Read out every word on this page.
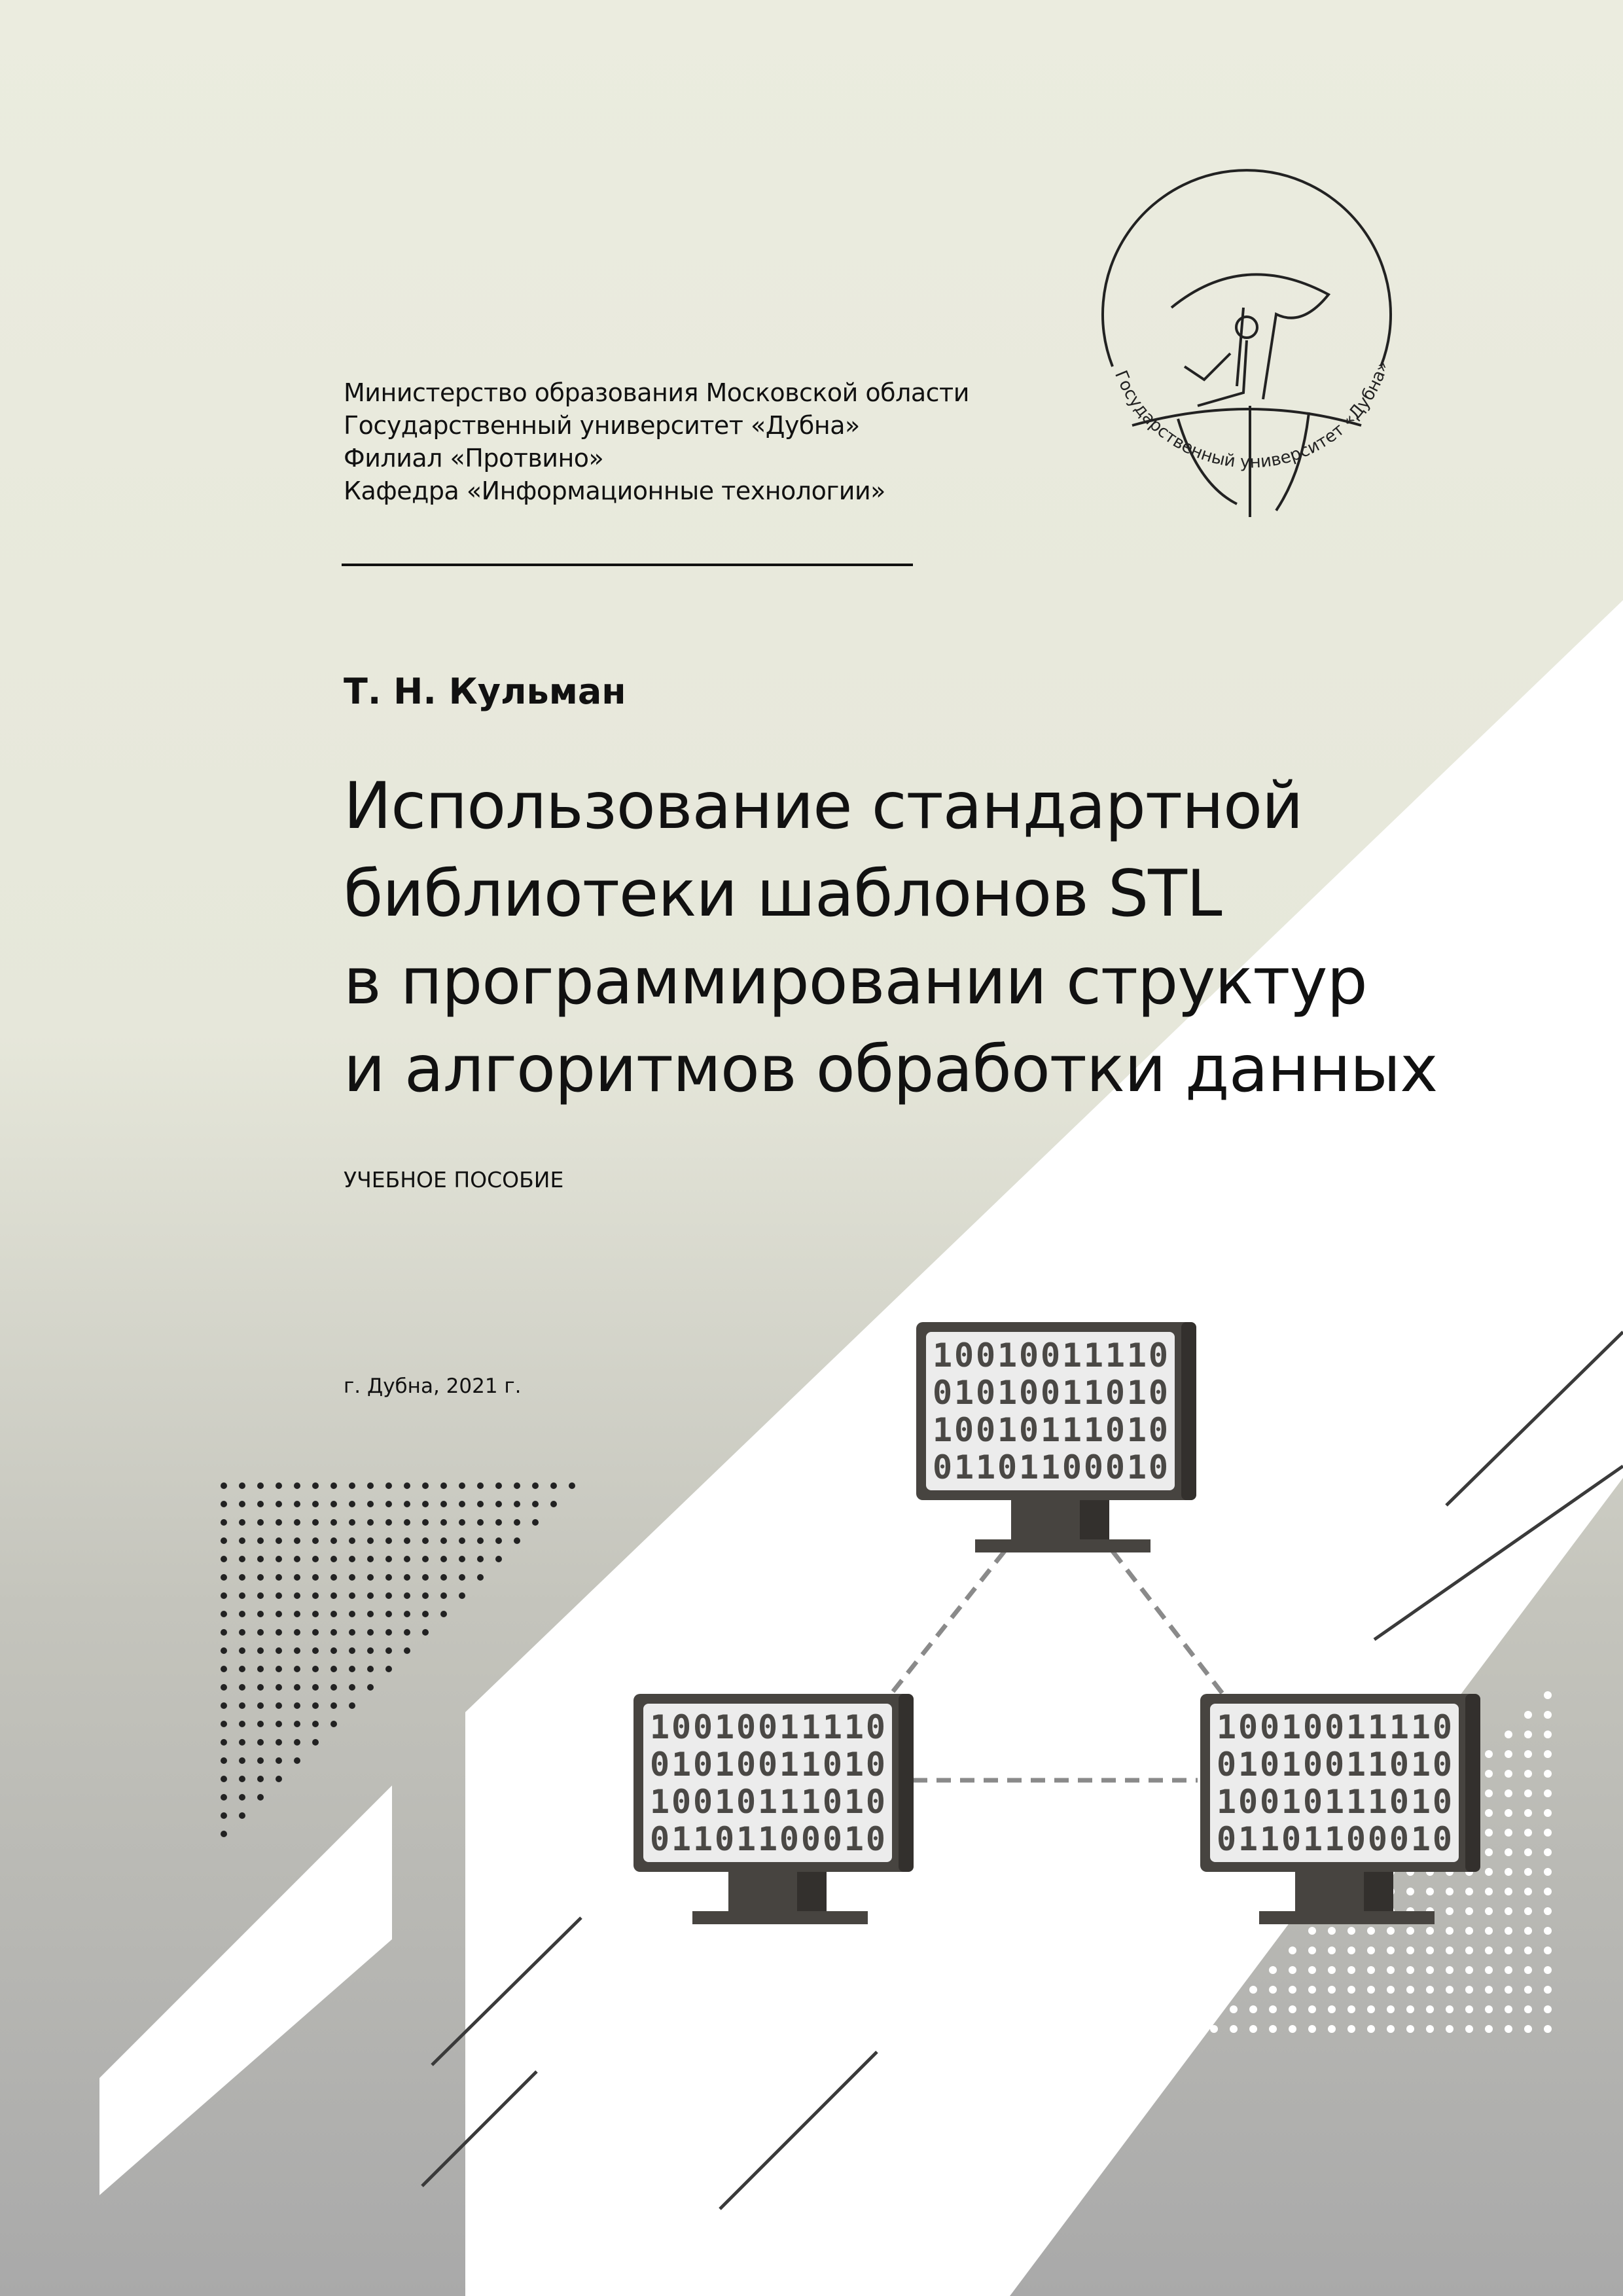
10010011110
01010011010
10010111010
01101100010
10010011110
01010011010
10010111010
01101100010
10010011110
01010011010
10010111010
01101100010
Государственный университет «Дубна»
Министерство образования Московской области
Государственный университет «Дубна»
Филиал «Протвино»
Кафедра «Информационные технологии»
Т. Н. Кульман
Использование стандартной
библиотеки шаблонов STL
в программировании структур
и алгоритмов обработки данных
УЧЕБНОЕ ПОСОБИЕ
г. Дубна, 2021 г.
